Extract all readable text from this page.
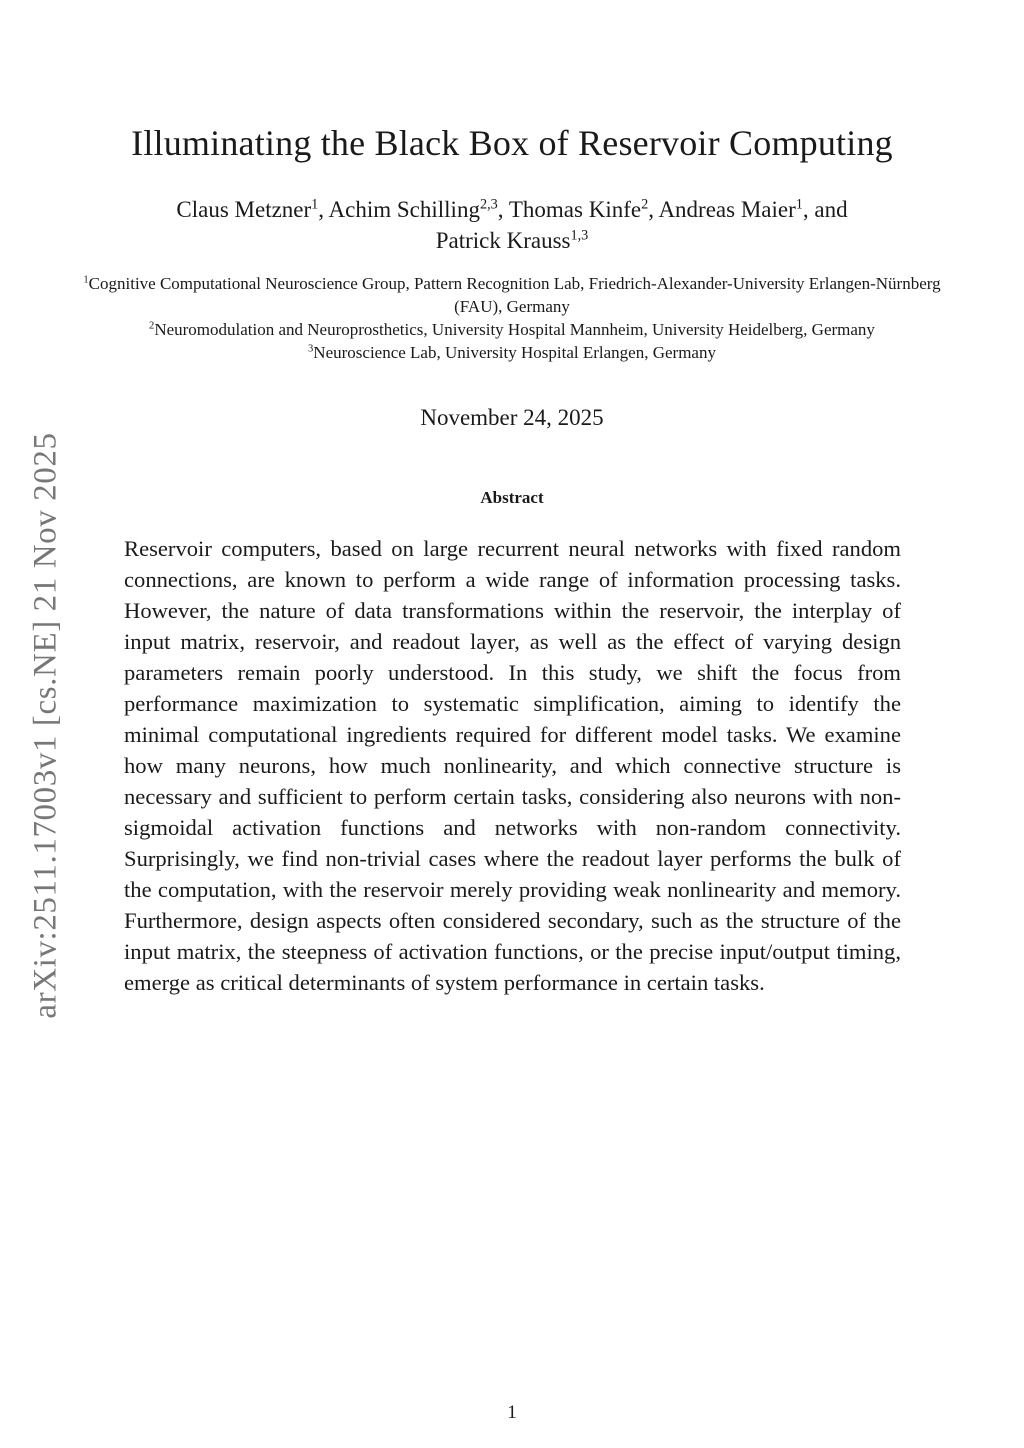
arXiv:2511.17003v1 [cs.NE] 21 Nov 2025
Illuminating the Black Box of Reservoir Computing
Claus Metzner$^1$, Achim Schilling$^{2,3}$, Thomas Kinfe$^2$, Andreas Maier$^1$, and
Patrick Krauss$^{1,3}$
$^1$Cognitive Computational Neuroscience Group, Pattern Recognition Lab, Friedrich-Alexander-University Erlangen-Nürnberg (FAU), Germany
$^2$Neuromodulation and Neuroprosthetics, University Hospital Mannheim, University Heidelberg, Germany
$^3$Neuroscience Lab, University Hospital Erlangen, Germany
November 24, 2025
Abstract
Reservoir computers, based on large recurrent neural networks with fixed random connections, are known to perform a wide range of information processing tasks. However, the nature of data transformations within the reservoir, the interplay of input matrix, reservoir, and readout layer, as well as the effect of varying design parameters remain poorly understood. In this study, we shift the focus from performance maximization to systematic simplification, aiming to identify the minimal computational ingredients required for different model tasks. We examine how many neurons, how much nonlinearity, and which connective structure is necessary and sufficient to perform certain tasks, considering also neurons with non-sigmoidal activation functions and networks with non-random connectivity. Surprisingly, we find non-trivial cases where the readout layer performs the bulk of the computation, with the reservoir merely providing weak nonlinearity and memory. Furthermore, design aspects often considered secondary, such as the structure of the input matrix, the steepness of activation functions, or the precise input/output timing, emerge as critical determinants of system performance in certain tasks.
1
